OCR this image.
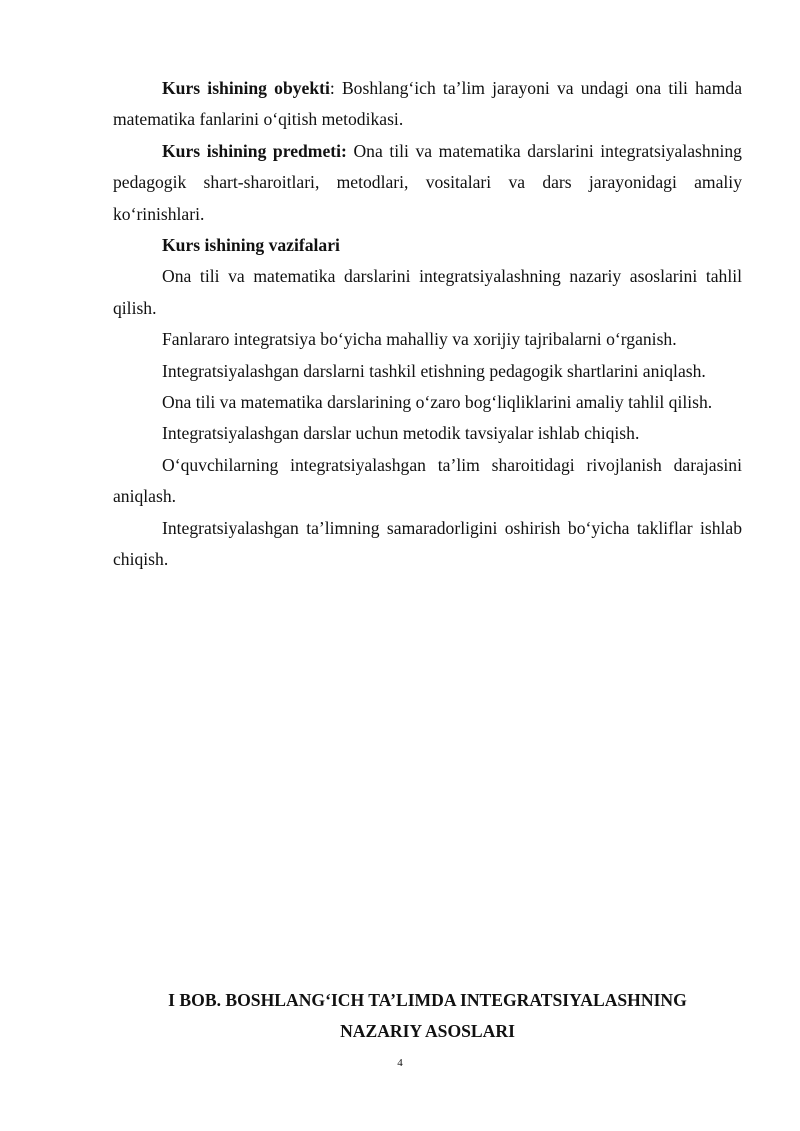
Kurs ishining obyekti: Boshlang‘ich ta’lim jarayoni va undagi ona tili hamda matematika fanlarini o‘qitish metodikasi.

Kurs ishining predmeti: Ona tili va matematika darslarini integratsiyalashning pedagogik shart-sharoitlari, metodlari, vositalari va dars jarayonidagi amaliy ko‘rinishlari.

Kurs ishining vazifalari

Ona tili va matematika darslarini integratsiyalashning nazariy asoslarini tahlil qilish.

Fanlararo integratsiya bo‘yicha mahalliy va xorijiy tajribalarni o‘rganish.

Integratsiyalashgan darslarni tashkil etishning pedagogik shartlarini aniqlash.

Ona tili va matematika darslarining o‘zaro bog‘liqliklarini amaliy tahlil qilish.

Integratsiyalashgan darslar uchun metodik tavsiyalar ishlab chiqish.

O‘quvchilarning integratsiyalashgan ta’lim sharoitidagi rivojlanish darajasini aniqlash.

Integratsiyalashgan ta’limning samaradorligini oshirish bo‘yicha takliflar ishlab chiqish.

I BOB. BOSHLANG‘ICH TA’LIMDA INTEGRATSIYALASHNING
NAZARIY ASOSLARI
4
